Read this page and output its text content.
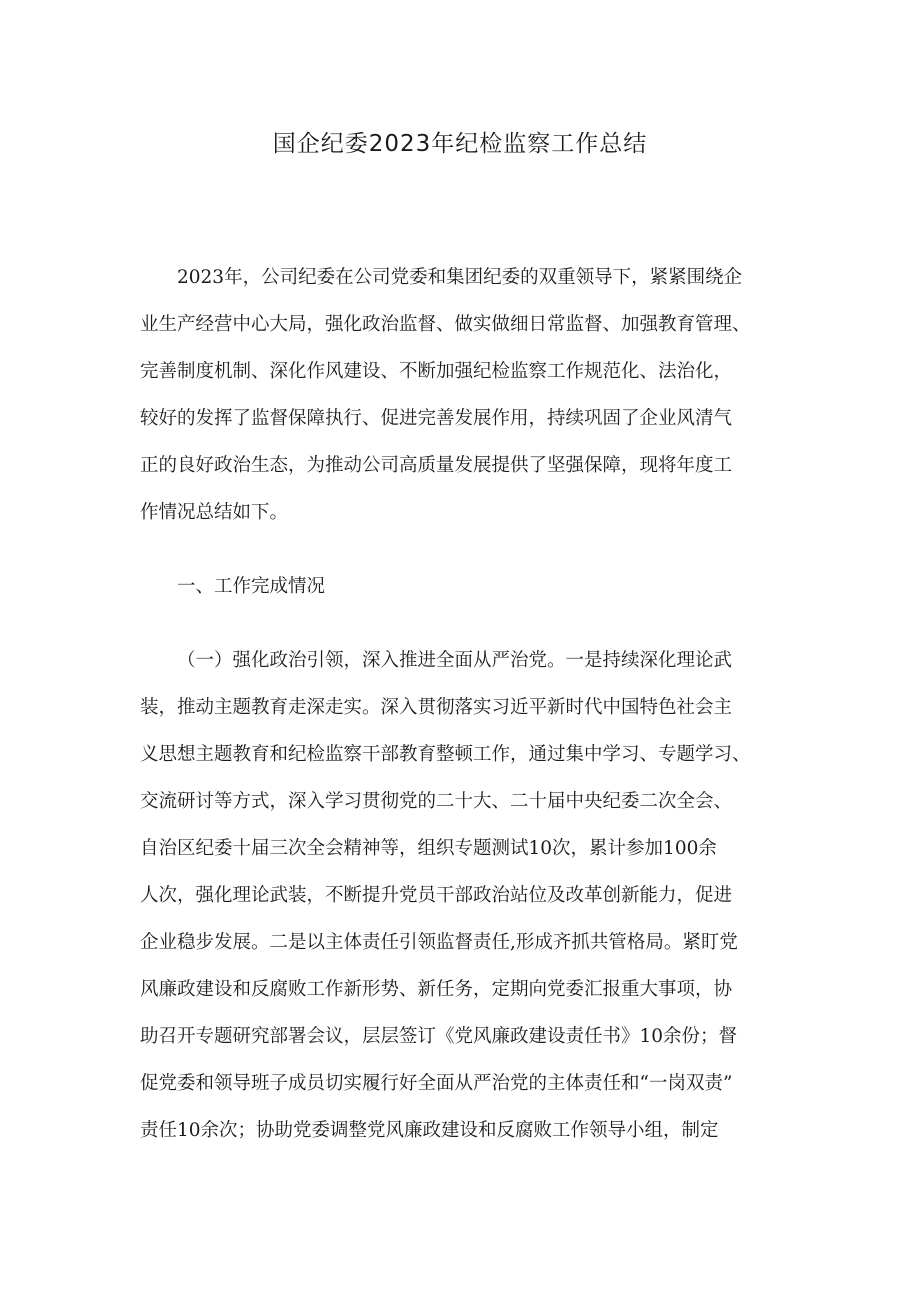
国企纪委2023年纪检监察工作总结

2023年，公司纪委在公司党委和集团纪委的双重领导下，紧紧围绕企

业生产经营中心大局，强化政治监督、做实做细日常监督、加强教育管理、

完善制度机制、深化作风建设、不断加强纪检监察工作规范化、法治化，

较好的发挥了监督保障执行、促进完善发展作用，持续巩固了企业风清气

正的良好政治生态，为推动公司高质量发展提供了坚强保障，现将年度工

作情况总结如下。

一、工作完成情况

（一）强化政治引领，深入推进全面从严治党。一是持续深化理论武

装，推动主题教育走深走实。深入贯彻落实习近平新时代中国特色社会主

义思想主题教育和纪检监察干部教育整顿工作，通过集中学习、专题学习、

交流研讨等方式，深入学习贯彻党的二十大、二十届中央纪委二次全会、

自治区纪委十届三次全会精神等，组织专题测试10次，累计参加100余

人次，强化理论武装，不断提升党员干部政治站位及改革创新能力，促进

企业稳步发展。二是以主体责任引领监督责任,形成齐抓共管格局。紧盯党

风廉政建设和反腐败工作新形势、新任务，定期向党委汇报重大事项，协

助召开专题研究部署会议，层层签订《党风廉政建设责任书》10余份；督

促党委和领导班子成员切实履行好全面从严治党的主体责任和“一岗双责”

责任10余次；协助党委调整党风廉政建设和反腐败工作领导小组，制定
